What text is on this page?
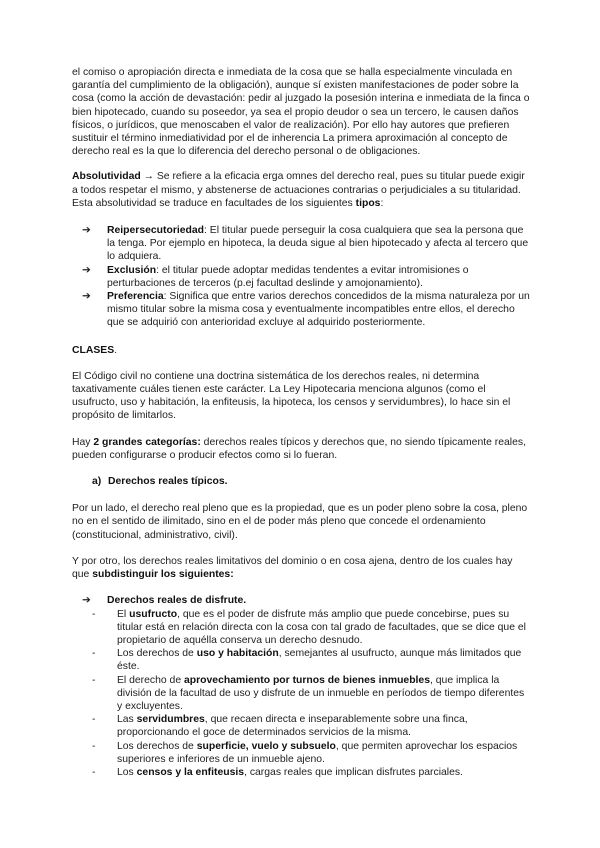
el comiso o apropiación directa e inmediata de la cosa que se halla especialmente vinculada en garantía del cumplimiento de la obligación), aunque sí existen manifestaciones de poder sobre la cosa (como la acción de devastación: pedir al juzgado la posesión interina e inmediata de la finca o bien hipotecado, cuando su poseedor, ya sea el propio deudor o sea un tercero, le causen daños físicos, o jurídicos, que menoscaben el valor de realización). Por ello hay autores que prefieren sustituir el término inmediatividad por el de inherencia La primera aproximación al concepto de derecho real es la que lo diferencia del derecho personal o de obligaciones.

Absolutividad → Se refiere a la eficacia erga omnes del derecho real, pues su titular puede exigir a todos respetar el mismo, y abstenerse de actuaciones contrarias o perjudiciales a su titularidad. Esta absolutividad se traduce en facultades de los siguientes tipos:

➔ Reipersecutoriedad: El titular puede perseguir la cosa cualquiera que sea la persona que la tenga. Por ejemplo en hipoteca, la deuda sigue al bien hipotecado y afecta al tercero que lo adquiera.
➔ Exclusión: el titular puede adoptar medidas tendentes a evitar intromisiones o perturbaciones de terceros (p.ej facultad deslinde y amojonamiento).
➔ Preferencia: Significa que entre varios derechos concedidos de la misma naturaleza por un mismo titular sobre la misma cosa y eventualmente incompatibles entre ellos, el derecho que se adquirió con anterioridad excluye al adquirido posteriormente.

CLASES.

El Código civil no contiene una doctrina sistemática de los derechos reales, ni determina taxativamente cuáles tienen este carácter. La Ley Hipotecaria menciona algunos (como el usufructo, uso y habitación, la enfiteusis, la hipoteca, los censos y servidumbres), lo hace sin el propósito de limitarlos.

Hay 2 grandes categorías: derechos reales típicos y derechos que, no siendo típicamente reales, pueden configurarse o producir efectos como si lo fueran.

a) Derechos reales típicos.

Por un lado, el derecho real pleno que es la propiedad, que es un poder pleno sobre la cosa, pleno no en el sentido de ilimitado, sino en el de poder más pleno que concede el ordenamiento (constitucional, administrativo, civil).

Y por otro, los derechos reales limitativos del dominio o en cosa ajena, dentro de los cuales hay que subdistinguir los siguientes:

➔ Derechos reales de disfrute.
- El usufructo, que es el poder de disfrute más amplio que puede concebirse, pues su titular está en relación directa con la cosa con tal grado de facultades, que se dice que el propietario de aquélla conserva un derecho desnudo.
- Los derechos de uso y habitación, semejantes al usufructo, aunque más limitados que éste.
- El derecho de aprovechamiento por turnos de bienes inmuebles, que implica la división de la facultad de uso y disfrute de un inmueble en períodos de tiempo diferentes y excluyentes.
- Las servidumbres, que recaen directa e inseparablemente sobre una finca, proporcionando el goce de determinados servicios de la misma.
- Los derechos de superficie, vuelo y subsuelo, que permiten aprovechar los espacios superiores e inferiores de un inmueble ajeno.
- Los censos y la enfiteusis, cargas reales que implican disfrutes parciales.
